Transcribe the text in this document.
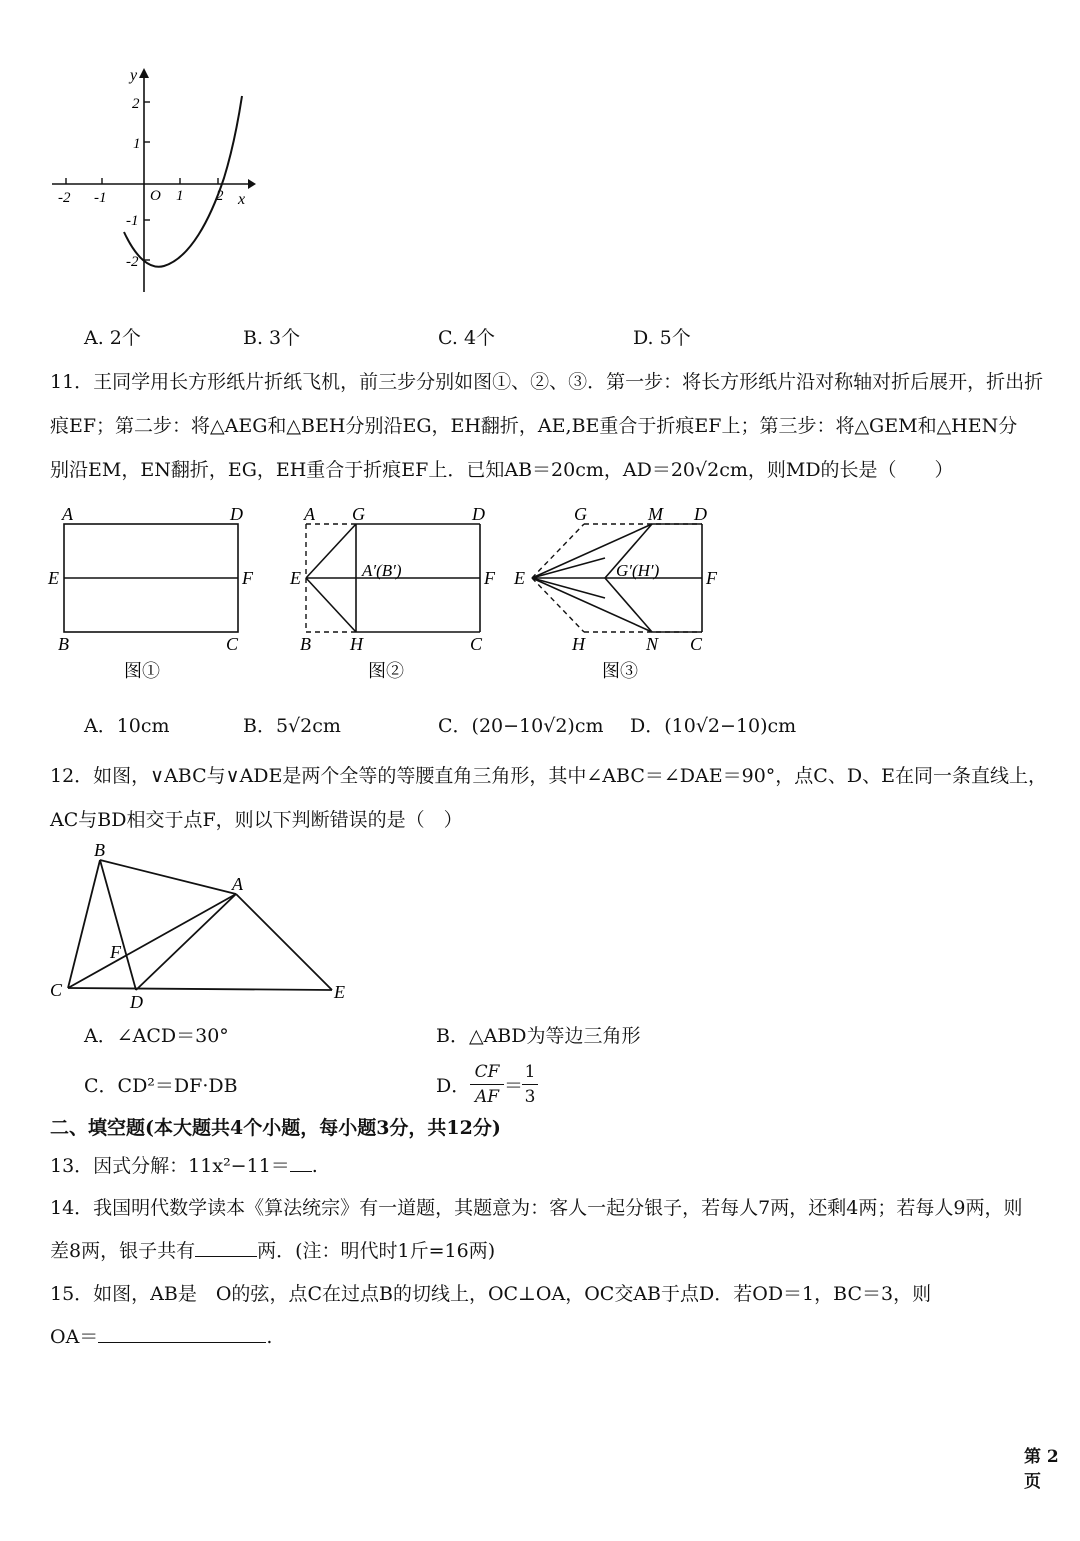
-2 -1	O 1 2 x
y
2
1
-1
-2
A. 2个	B. 3个	C. 4个	D. 5个
11．王同学用长方形纸片折纸飞机，前三步分别如图①、②、③．第一步：将长方形纸片沿对称轴对折后展开，折出折
痕EF；第二步：将△AEG和△BEH分别沿EG，EH翻折，AE,BE重合于折痕EF上；第三步：将△GEM和△HEN分
别沿EM，EN翻折，EG，EH重合于折痕EF上．已知AB＝20cm，AD＝20√2cm，则MD的长是（　　）
A	D
E	F
B	C
图①
A G	D
E	A′(B′)	F
B H	C
图②
G	M D
E	G′(H′)	F
H	N C
图③
A．10cm	B．5√2cm	C．(20−10√2)cm D．(10√2−10)cm
12．如图，∨ABC与∨ADE是两个全等的等腰直角三角形，其中∠ABC＝∠DAE＝90°，点C、D、E在同一条直线上，
AC与BD相交于点F，则以下判断错误的是（　）
B
A
F
C
D	E
A．∠ACD＝30°	B．△ABD为等边三角形
C．CD²＝DF·DB	D．
CF
AF ＝
1
3
二、填空题(本大题共4个小题，每小题3分，共12分)
13．因式分解：11x²−11＝ .
14．我国明代数学读本《算法统宗》有一道题，其题意为：客人一起分银子，若每人7两，还剩4两；若每人9两，则
差8两，银子共有	两．(注：明代时1斤=16两)
15．如图，AB是　O的弦，点C在过点B的切线上，OC⊥OA，OC交AB于点D．若OD＝1，BC＝3，则
OA＝	.
第 2 页
